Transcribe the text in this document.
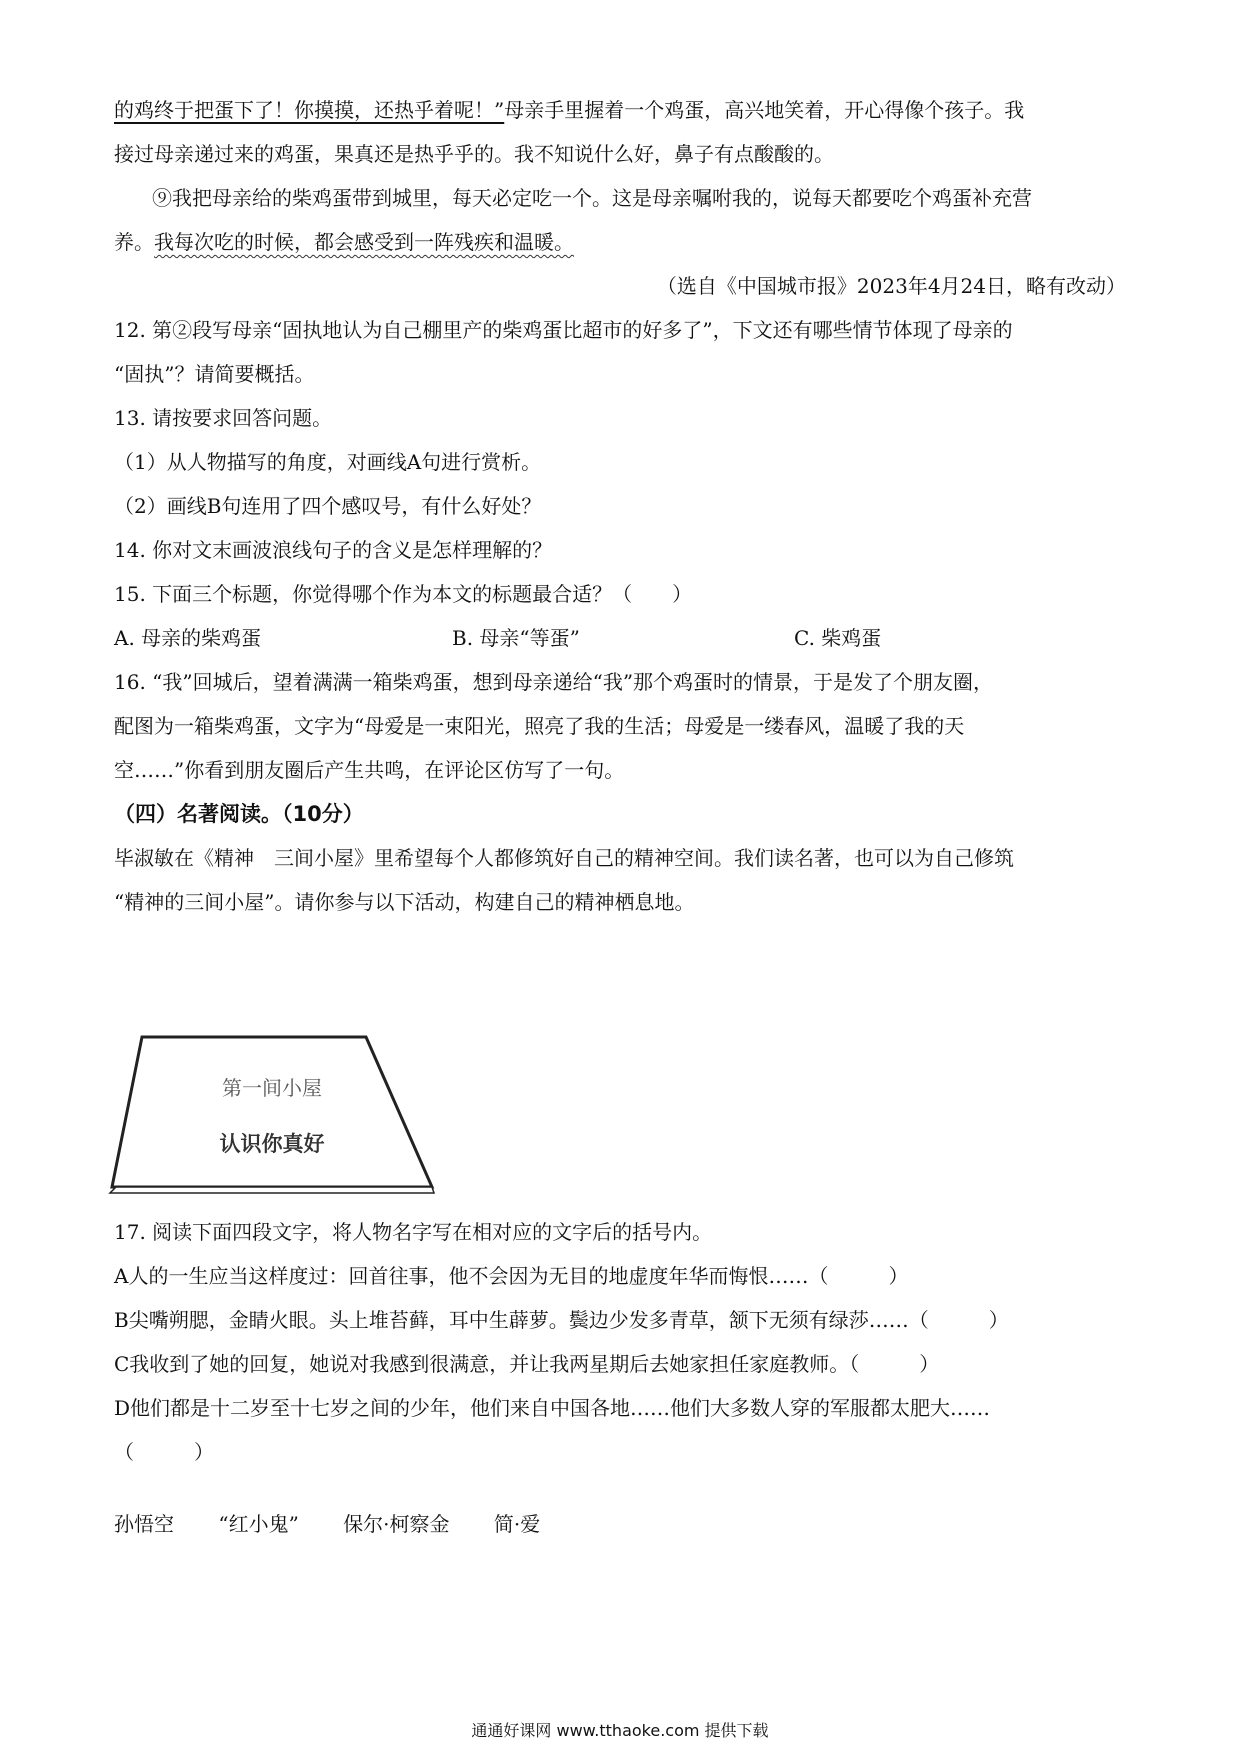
的鸡终于把蛋下了！你摸摸，还热乎着呢！”母亲手里握着一个鸡蛋，高兴地笑着，开心得像个孩子。我
接过母亲递过来的鸡蛋，果真还是热乎乎的。我不知说什么好，鼻子有点酸酸的。
⑨我把母亲给的柴鸡蛋带到城里，每天必定吃一个。这是母亲嘱咐我的，说每天都要吃个鸡蛋补充营
养。我每次吃的时候，都会感受到一阵残疾和温暖。
（选自《中国城市报》2023年4月24日，略有改动）
12. 第②段写母亲“固执地认为自己棚里产的柴鸡蛋比超市的好多了”，下文还有哪些情节体现了母亲的
“固执”？请简要概括。
13. 请按要求回答问题。
（1）从人物描写的角度，对画线A句进行赏析。
（2）画线B句连用了四个感叹号，有什么好处？
14. 你对文末画波浪线句子的含义是怎样理解的？
15. 下面三个标题，你觉得哪个作为本文的标题最合适？（　　）
A. 母亲的柴鸡蛋	B. 母亲“等蛋”	C. 柴鸡蛋
16. “我”回城后，望着满满一箱柴鸡蛋，想到母亲递给“我”那个鸡蛋时的情景，于是发了个朋友圈，
配图为一箱柴鸡蛋，文字为“母爱是一束阳光，照亮了我的生活；母爱是一缕春风，温暖了我的天
空……”你看到朋友圈后产生共鸣，在评论区仿写了一句。
（四）名著阅读。（10分）
毕淑敏在《精神　三间小屋》里希望每个人都修筑好自己的精神空间。我们读名著，也可以为自己修筑
“精神的三间小屋”。请你参与以下活动，构建自己的精神栖息地。
第一间小屋
认识你真好
17. 阅读下面四段文字，将人物名字写在相对应的文字后的括号内。
A人的一生应当这样度过：回首往事，他不会因为无目的地虚度年华而悔恨……（　　　）
B尖嘴朔腮，金睛火眼。头上堆苔藓，耳中生薜萝。鬓边少发多青草，颔下无须有绿莎……（　　　）
C我收到了她的回复，她说对我感到很满意，并让我两星期后去她家担任家庭教师。（　　　）
D他们都是十二岁至十七岁之间的少年，他们来自中国各地……他们大多数人穿的军服都太肥大……
（　　　）
孙悟空 “红小鬼” 保尔·柯察金 简·爱
通通好课网 www.tthaoke.com 提供下载
